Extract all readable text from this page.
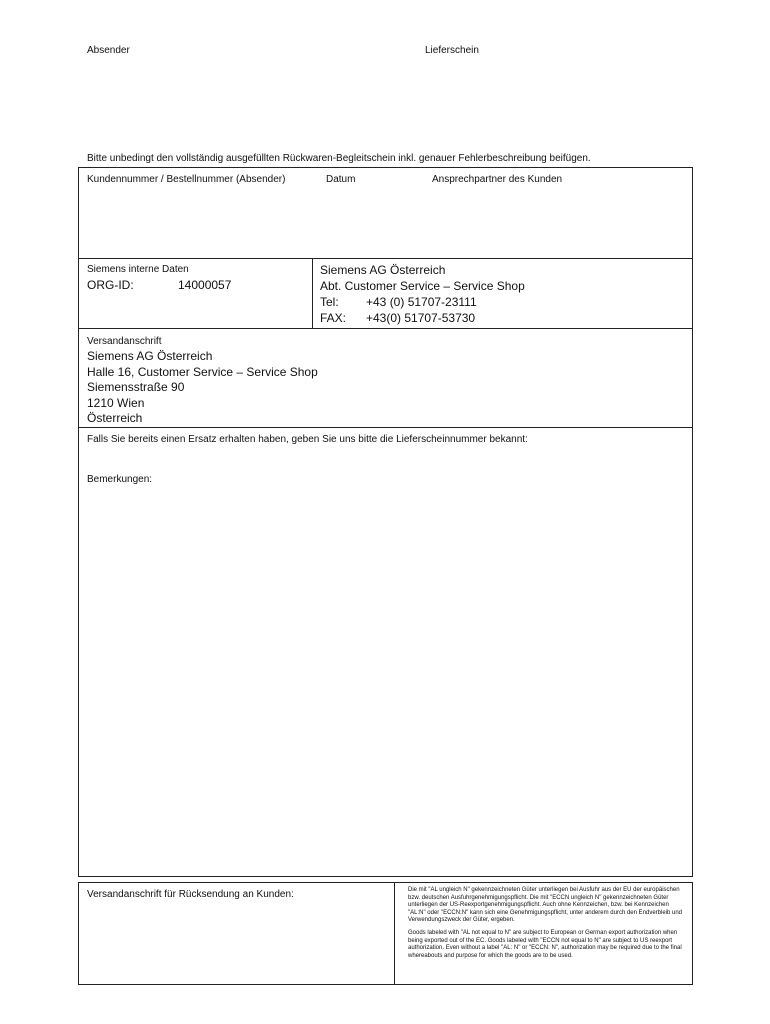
Absender	Lieferschein
Bitte unbedingt den vollständig ausgefüllten Rückwaren-Begleitschein inkl. genauer Fehlerbeschreibung beifügen.
Kundennummer / Bestellnummer (Absender)	Datum	Ansprechpartner des Kunden
Siemens interne Daten
ORG-ID:	14000057
Siemens AG Österreich
Abt. Customer Service – Service Shop
Tel: +43 (0) 51707-23111
FAX: +43(0) 51707-53730
Versandanschrift
Siemens AG Österreich
Halle 16, Customer Service – Service Shop
Siemensstraße 90
1210 Wien
Österreich
Falls Sie bereits einen Ersatz erhalten haben, geben Sie uns bitte die Lieferscheinnummer bekannt:
Bemerkungen:
Versandanschrift für Rücksendung an Kunden:	Die mit "AL ungleich N" gekennzeichneten Güter unterliegen bei Ausfuhr aus der EU der europäischen bzw. deutschen Ausfuhrgenehmigungspflicht. Die mit "ECCN ungleich N" gekennzeichneten Güter unterliegen der US-Reexportgenehmigungspflicht. Auch ohne Kennzeichen, bzw. bei Kennzeichen "AL:N" oder "ECCN:N" kann sich eine Genehmigungspflicht, unter anderem durch den Endverbleib und Verwendungszweck der Güter, ergeben.

Goods labeled with "AL not equal to N" are subject to European or German export authorization when being exported out of the EC. Goods labeled with "ECCN not equal to N" are subject to US reexport authorization. Even without a label "AL: N" or "ECCN: N", authorization may be required due to the final whereabouts and purpose for which the goods are to be used.
